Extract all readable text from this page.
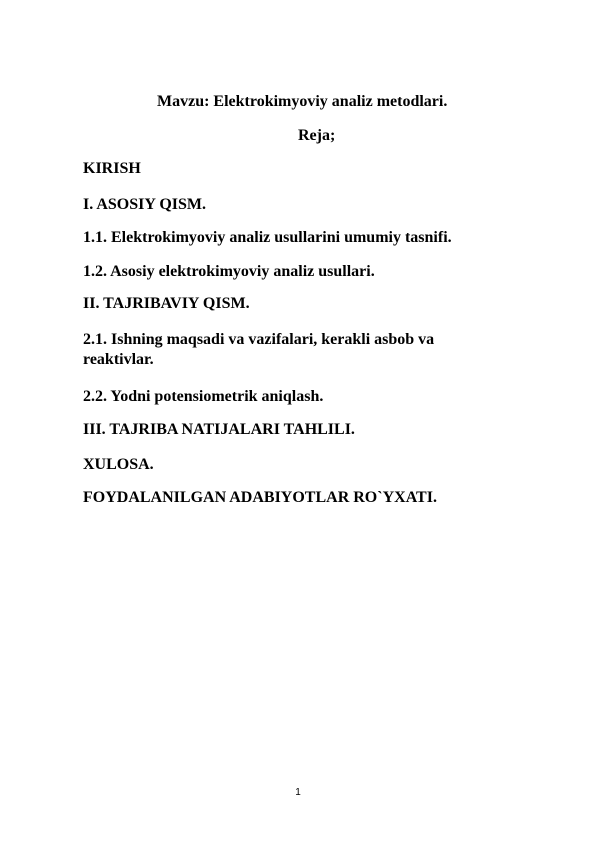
Mavzu: Elektrokimyoviy analiz metodlari.
Reja;
KIRISH
I. ASOSIY QISM.
1.1. Elektrokimyoviy analiz usullarini umumiy tasnifi.
1.2. Asosiy elektrokimyoviy analiz usullari.
II. TAJRIBAVIY QISM.
2.1. Ishning maqsadi va vazifalari, kerakli asbob va reaktivlar.
2.2. Yodni potensiometrik aniqlash.
III. TAJRIBA NATIJALARI TAHLILI.
XULOSA.
FOYDALANILGAN ADABIYOTLAR RO`YXATI.
1
